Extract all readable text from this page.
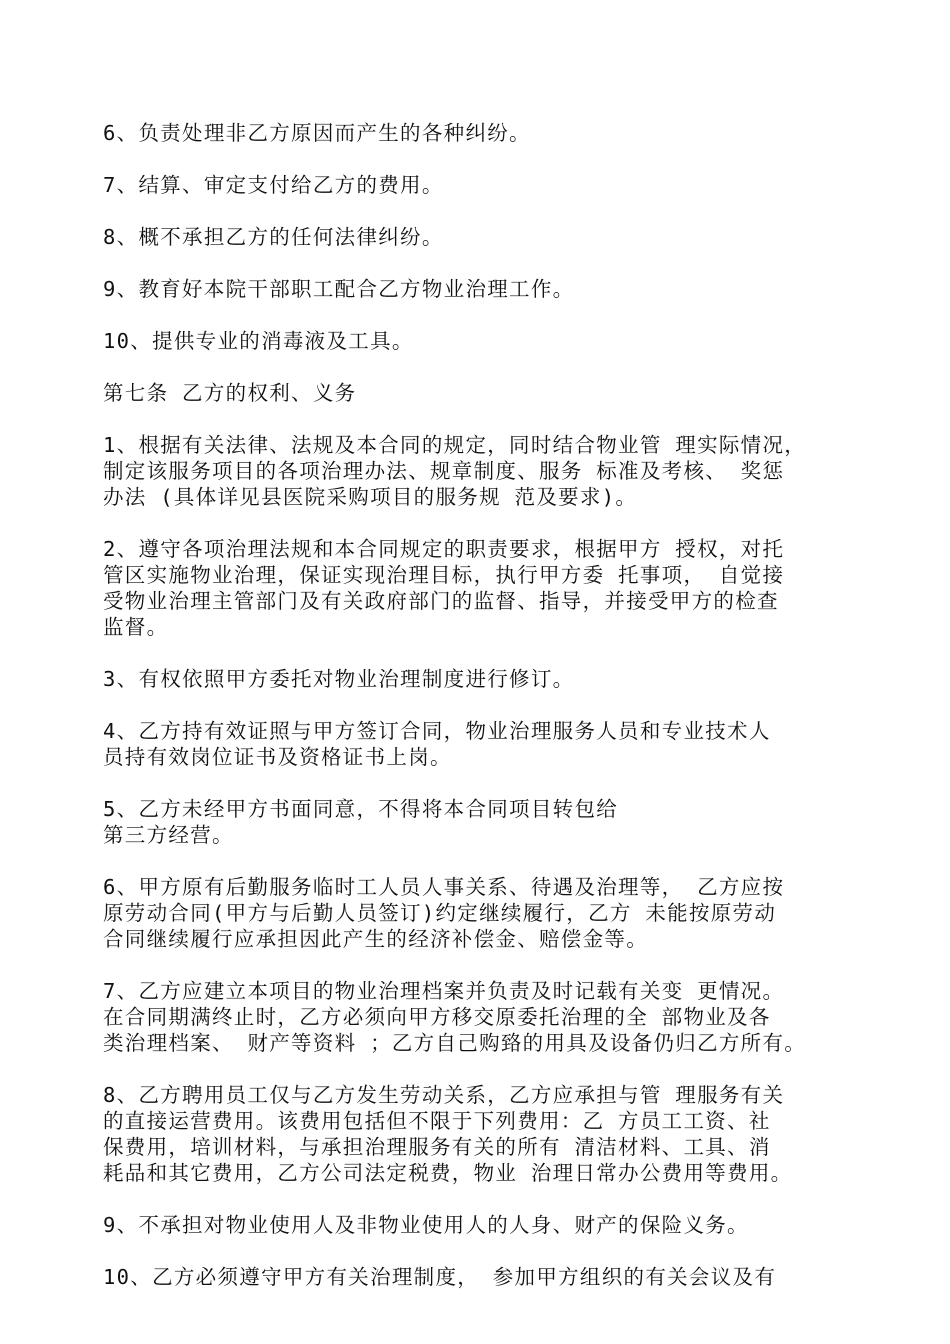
6、负责处理非乙方原因而产生的各种纠纷。
7、结算、审定支付给乙方的费用。
8、概不承担乙方的任何法律纠纷。
9、教育好本院干部职工配合乙方物业治理工作。
10、提供专业的消毒液及工具。
第七条 乙方的权利、义务
1、根据有关法律、法规及本合同的规定，同时结合物业管 理实际情况，
制定该服务项目的各项治理办法、规章制度、服务 标准及考核、 奖惩
办法 (具体详见县医院采购项目的服务规 范及要求)。
2、遵守各项治理法规和本合同规定的职责要求，根据甲方 授权，对托
管区实施物业治理，保证实现治理目标，执行甲方委 托事项， 自觉接
受物业治理主管部门及有关政府部门的监督、指导，并接受甲方的检查
监督。
3、有权依照甲方委托对物业治理制度进行修订。
4、乙方持有效证照与甲方签订合同，物业治理服务人员和专业技术人
员持有效岗位证书及资格证书上岗。
5、乙方未经甲方书面同意，不得将本合同项目转包给
第三方经营。
6、甲方原有后勤服务临时工人员人事关系、待遇及治理等， 乙方应按
原劳动合同(甲方与后勤人员签订)约定继续履行，乙方 未能按原劳动
合同继续履行应承担因此产生的经济补偿金、赔偿金等。
7、乙方应建立本项目的物业治理档案并负责及时记载有关变 更情况。
在合同期满终止时，乙方必须向甲方移交原委托治理的全 部物业及各
类治理档案、 财产等资料 ；乙方自己购臵的用具及设备仍归乙方所有。
8、乙方聘用员工仅与乙方发生劳动关系，乙方应承担与管 理服务有关
的直接运营费用。该费用包括但不限于下列费用：乙 方员工工资、社
保费用，培训材料，与承担治理服务有关的所有 清洁材料、工具、消
耗品和其它费用，乙方公司法定税费，物业 治理日常办公费用等费用。
9、不承担对物业使用人及非物业使用人的人身、财产的保险义务。
10、乙方必须遵守甲方有关治理制度， 参加甲方组织的有关会议及有
